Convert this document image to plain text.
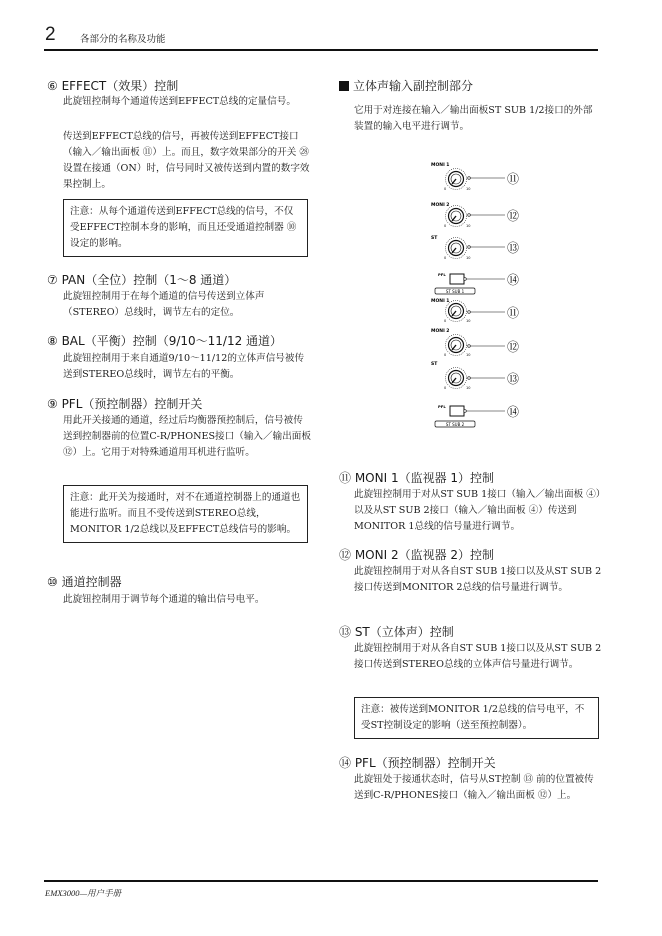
2	各部分的名称及功能
⑥ EFFECT（效果）控制
此旋钮控制每个通道传送到EFFECT总线的定量信号。
传送到EFFECT总线的信号，再被传送到EFFECT接口（输入／输出面板 ⑪）上。而且，数字效果部分的开关 ㉘ 设置在接通（ON）时，信号同时又被传送到内置的数字效果控制上。
注意：从每个通道传送到EFFECT总线的信号，不仅受EFFECT控制本身的影响，而且还受通道控制器 ⑩ 设定的影响。
⑦ PAN（全位）控制（1～8 通道）
此旋钮控制用于在每个通道的信号传送到立体声（STEREO）总线时，调节左右的定位。
⑧ BAL（平衡）控制（9/10～11/12 通道）
此旋钮控制用于来自通道9/10～11/12的立体声信号被传送到STEREO总线时，调节左右的平衡。
⑨ PFL（预控制器）控制开关
用此开关接通的通道，经过后均衡器预控制后，信号被传送到控制器前的位置C-R/PHONES接口（输入／输出面板 ⑫）上。它用于对特殊通道用耳机进行监听。
注意：此开关为接通时，对不在通道控制器上的通道也能进行监听。而且不受传送到STEREO总线，MONITOR 1/2总线以及EFFECT总线信号的影响。
⑩ 通道控制器
此旋钮控制用于调节每个通道的输出信号电平。
立体声输入副控制部分
它用于对连接在输入／输出面板ST SUB 1/2接口的外部装置的输入电平进行调节。
MONI 1
0	10
MONI 2
0	10
ST
0	10
PFL
ST SUB 1
MONI 1
0	10
MONI 2
0	10
ST
0	10
PFL
ST SUB 2
⑪
⑫
⑬
⑭
⑪
⑫
⑬
⑭
⑪ MONI 1（监视器 1）控制
此旋钮控制用于对从ST SUB 1接口（输入／输出面板 ④）以及从ST SUB 2接口（输入／输出面板 ④）传送到MONITOR 1总线的信号量进行调节。
⑫ MONI 2（监视器 2）控制
此旋钮控制用于对从各自ST SUB 1接口以及从ST SUB 2接口传送到MONITOR 2总线的信号量进行调节。
⑬ ST（立体声）控制
此旋钮控制用于对从各自ST SUB 1接口以及从ST SUB 2接口传送到STEREO总线的立体声信号量进行调节。
注意：被传送到MONITOR 1/2总线的信号电平，不受ST控制设定的影响（送至预控制器）。
⑭ PFL（预控制器）控制开关
此旋钮处于接通状态时，信号从ST控制 ⑬ 前的位置被传送到C-R/PHONES接口（输入／输出面板 ⑫）上。
EMX3000—用户手册
